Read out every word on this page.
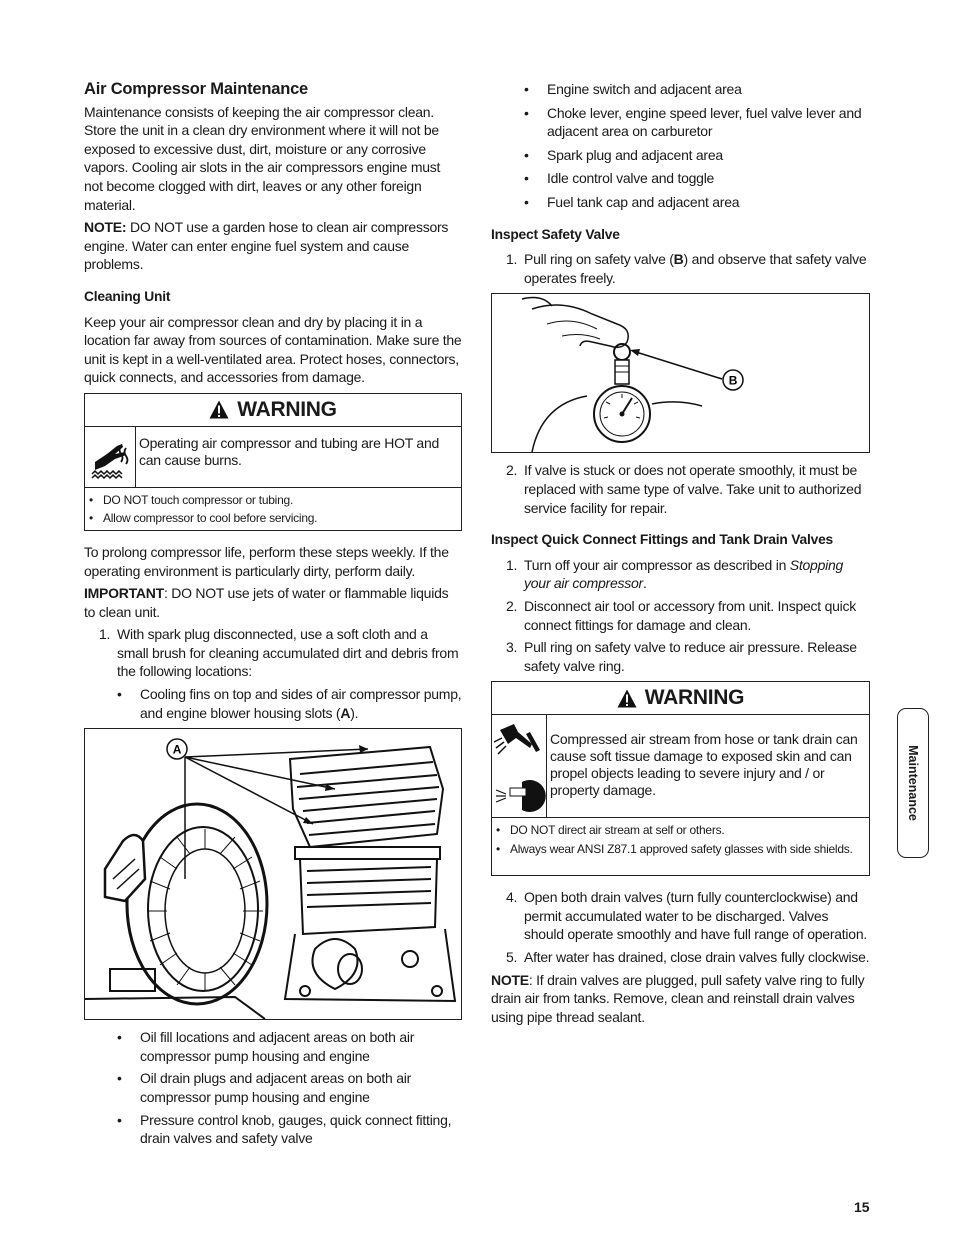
Air Compressor Maintenance

Maintenance consists of keeping the air compressor clean. Store the unit in a clean dry environment where it will not be exposed to excessive dust, dirt, moisture or any corrosive vapors. Cooling air slots in the air compressors engine must not become clogged with dirt, leaves or any other foreign material.

NOTE: DO NOT use a garden hose to clean air compressors engine. Water can enter engine fuel system and cause problems.

Cleaning Unit

Keep your air compressor clean and dry by placing it in a location far away from sources of contamination. Make sure the unit is kept in a well-ventilated area. Protect hoses, connectors, quick connects, and accessories from damage.

WARNING
Operating air compressor and tubing are HOT and can cause burns.
• DO NOT touch compressor or tubing.
• Allow compressor to cool before servicing.

To prolong compressor life, perform these steps weekly. If the operating environment is particularly dirty, perform daily.

IMPORTANT: DO NOT use jets of water or flammable liquids to clean unit.

1. With spark plug disconnected, use a soft cloth and a small brush for cleaning accumulated dirt and debris from the following locations:
• Cooling fins on top and sides of air compressor pump, and engine blower housing slots (A).
A
• Oil fill locations and adjacent areas on both air compressor pump housing and engine
• Oil drain plugs and adjacent areas on both air compressor pump housing and engine
• Pressure control knob, gauges, quick connect fitting, drain valves and safety valve
• Engine switch and adjacent area
• Choke lever, engine speed lever, fuel valve lever and adjacent area on carburetor
• Spark plug and adjacent area
• Idle control valve and toggle
• Fuel tank cap and adjacent area
Inspect Safety Valve
1. Pull ring on safety valve (B) and observe that safety valve operates freely.
B
2. If valve is stuck or does not operate smoothly, it must be replaced with same type of valve. Take unit to authorized service facility for repair.
Inspect Quick Connect Fittings and Tank Drain Valves
1. Turn off your air compressor as described in Stopping your air compressor.
2. Disconnect air tool or accessory from unit. Inspect quick connect fittings for damage and clean.
3. Pull ring on safety valve to reduce air pressure. Release safety valve ring.
WARNING
Compressed air stream from hose or tank drain can cause soft tissue damage to exposed skin and can propel objects leading to severe injury and / or property damage.
• DO NOT direct air stream at self or others.
• Always wear ANSI Z87.1 approved safety glasses with side shields.
4. Open both drain valves (turn fully counterclockwise) and permit accumulated water to be discharged. Valves should operate smoothly and have full range of operation.
5. After water has drained, close drain valves fully clockwise.

NOTE: If drain valves are plugged, pull safety valve ring to fully drain air from tanks. Remove, clean and reinstall drain valves using pipe thread sealant.

Maintenance
15
